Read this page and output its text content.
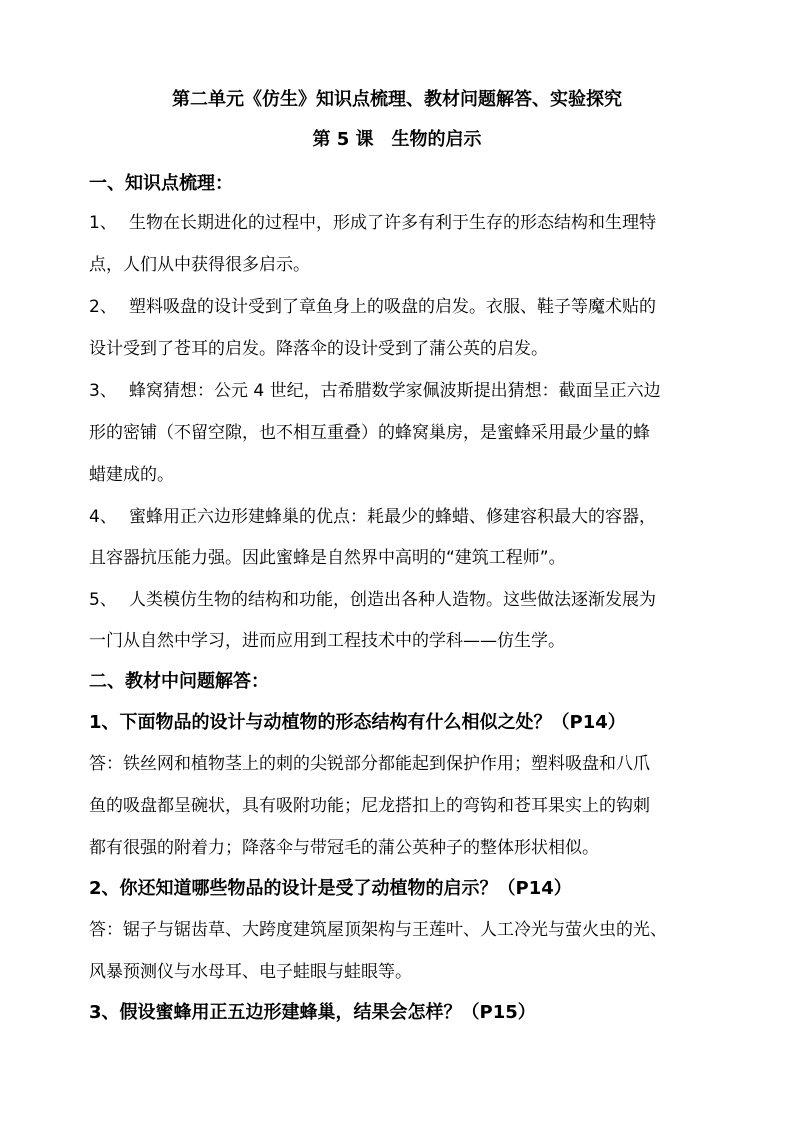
第二单元《仿生》知识点梳理、教材问题解答、实验探究
第 5 课　生物的启示
一、知识点梳理：
1、 生物在长期进化的过程中，形成了许多有利于生存的形态结构和生理特
点，人们从中获得很多启示。
2、 塑料吸盘的设计受到了章鱼身上的吸盘的启发。衣服、鞋子等魔术贴的
设计受到了苍耳的启发。降落伞的设计受到了蒲公英的启发。
3、 蜂窝猜想：公元 4 世纪，古希腊数学家佩波斯提出猜想：截面呈正六边
形的密铺（不留空隙，也不相互重叠）的蜂窝巢房，是蜜蜂采用最少量的蜂
蜡建成的。
4、 蜜蜂用正六边形建蜂巢的优点：耗最少的蜂蜡、修建容积最大的容器，
且容器抗压能力强。因此蜜蜂是自然界中高明的“建筑工程师”。
5、 人类模仿生物的结构和功能，创造出各种人造物。这些做法逐渐发展为
一门从自然中学习，进而应用到工程技术中的学科——仿生学。
二、教材中问题解答：
1、下面物品的设计与动植物的形态结构有什么相似之处？（P14）
答：铁丝网和植物茎上的刺的尖锐部分都能起到保护作用；塑料吸盘和八爪
鱼的吸盘都呈碗状，具有吸附功能；尼龙搭扣上的弯钩和苍耳果实上的钩刺
都有很强的附着力；降落伞与带冠毛的蒲公英种子的整体形状相似。
2、你还知道哪些物品的设计是受了动植物的启示？（P14）
答：锯子与锯齿草、大跨度建筑屋顶架构与王莲叶、人工冷光与萤火虫的光、
风暴预测仪与水母耳、电子蛙眼与蛙眼等。
3、假设蜜蜂用正五边形建蜂巢，结果会怎样？（P15）
